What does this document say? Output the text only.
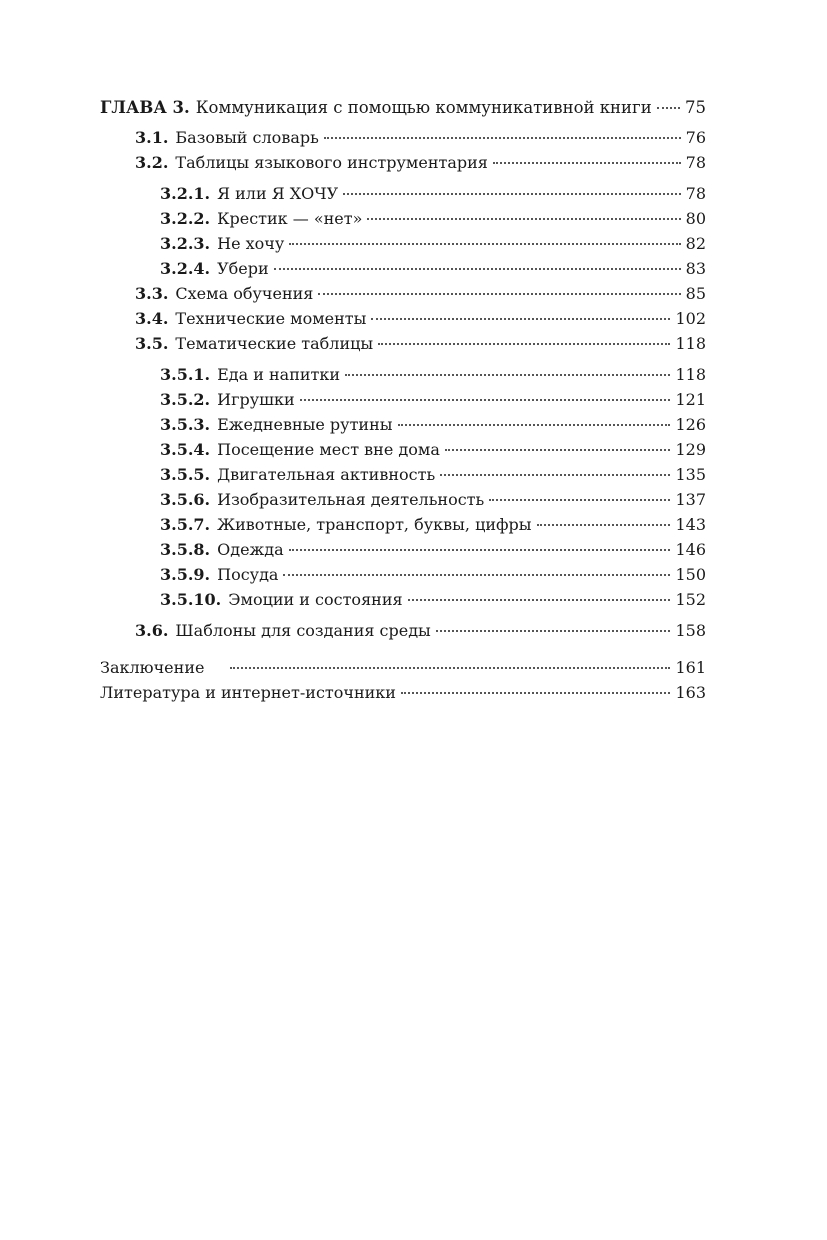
ГЛАВА 3. Коммуникация с помощью коммуникативной книги 75
3.1. Базовый словарь	76
3.2. Таблицы языкового инструментария	78
3.2.1. Я или Я ХОЧУ	78
3.2.2. Крестик — «нет»	80
3.2.3. Не хочу	82
3.2.4. Убери	83
3.3. Схема обучения	85
3.4. Технические моменты	102
3.5. Тематические таблицы	118
3.5.1. Еда и напитки	118
3.5.2. Игрушки	121
3.5.3. Ежедневные рутины	126
3.5.4. Посещение мест вне дома	129
3.5.5. Двигательная активность	135
3.5.6. Изобразительная деятельность	137
3.5.7. Животные, транспорт, буквы, цифры	143
3.5.8. Одежда	146
3.5.9. Посуда	150
3.5.10. Эмоции и состояния	152
3.6. Шаблоны для создания среды	158
Заключение	161
Литература и интернет-источники	163
